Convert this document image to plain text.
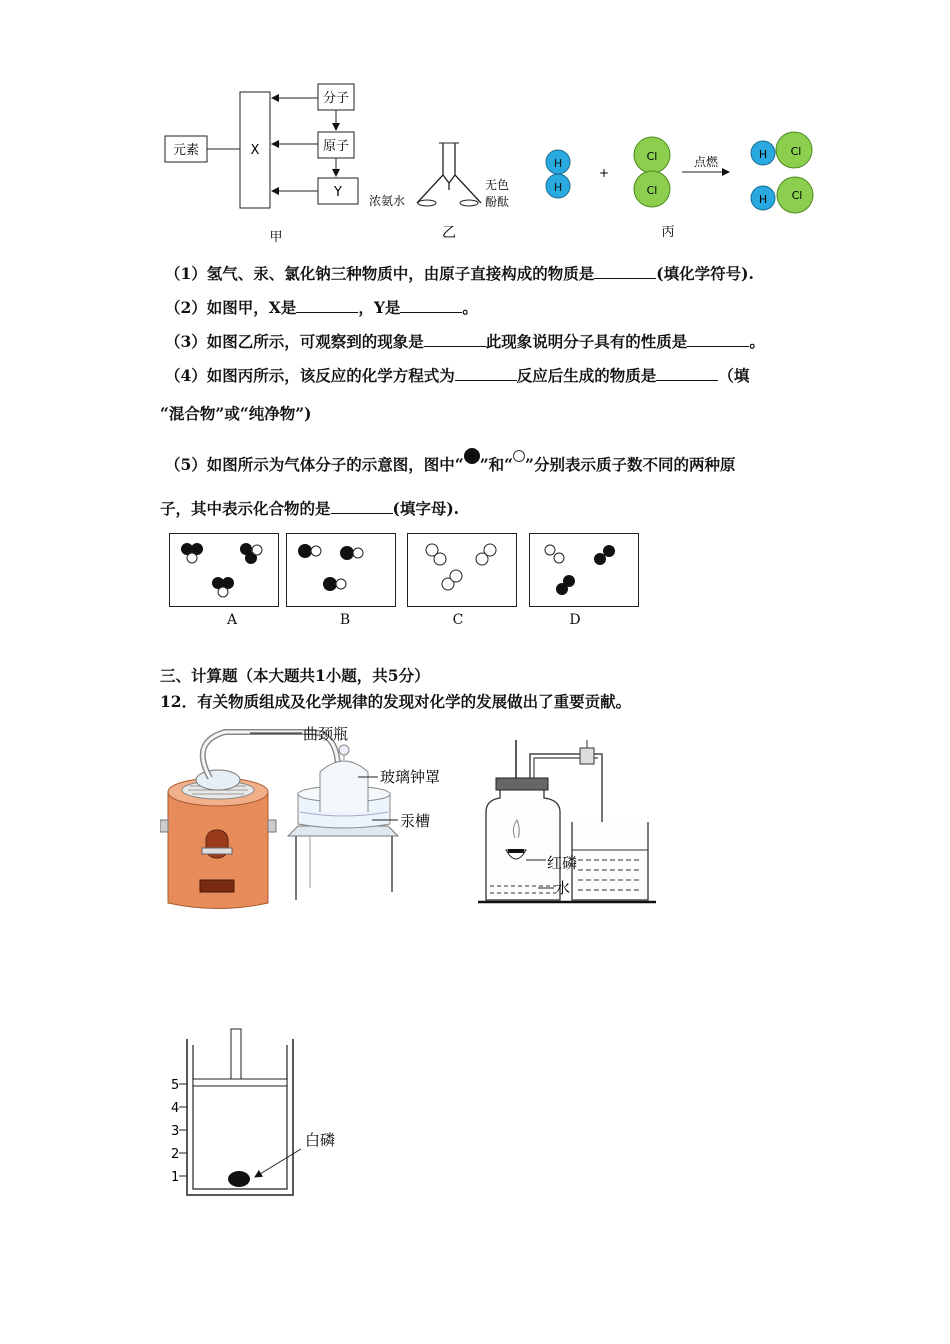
元素	X
分子
原子
Y
甲
浓氨水
无色
酚酞
乙
H
H
+
Cl
Cl
点燃
H Cl
H Cl
丙
（1）氢气、汞、氯化钠三种物质中，由原子直接构成的物质是	(填化学符号).
（2）如图甲，X是	，Y是	。
（3）如图乙所示，可观察到的现象是	此现象说明分子具有的性质是	。
（4）如图丙所示，该反应的化学方程式为	反应后生成的物质是	（填
“混合物”或“纯净物”)
（5）如图所示为气体分子的示意图，图中“ ”和“ ”分别表示质子数不同的两种原
子，其中表示化合物的是	(填字母).
A	B	C	D
三、计算题（本大题共1小题，共5分）
12．有关物质组成及化学规律的发现对化学的发展做出了重要贡献。
曲颈瓶
玻璃钟罩
汞槽
红磷
水
5
4
3
2
1
白磷
